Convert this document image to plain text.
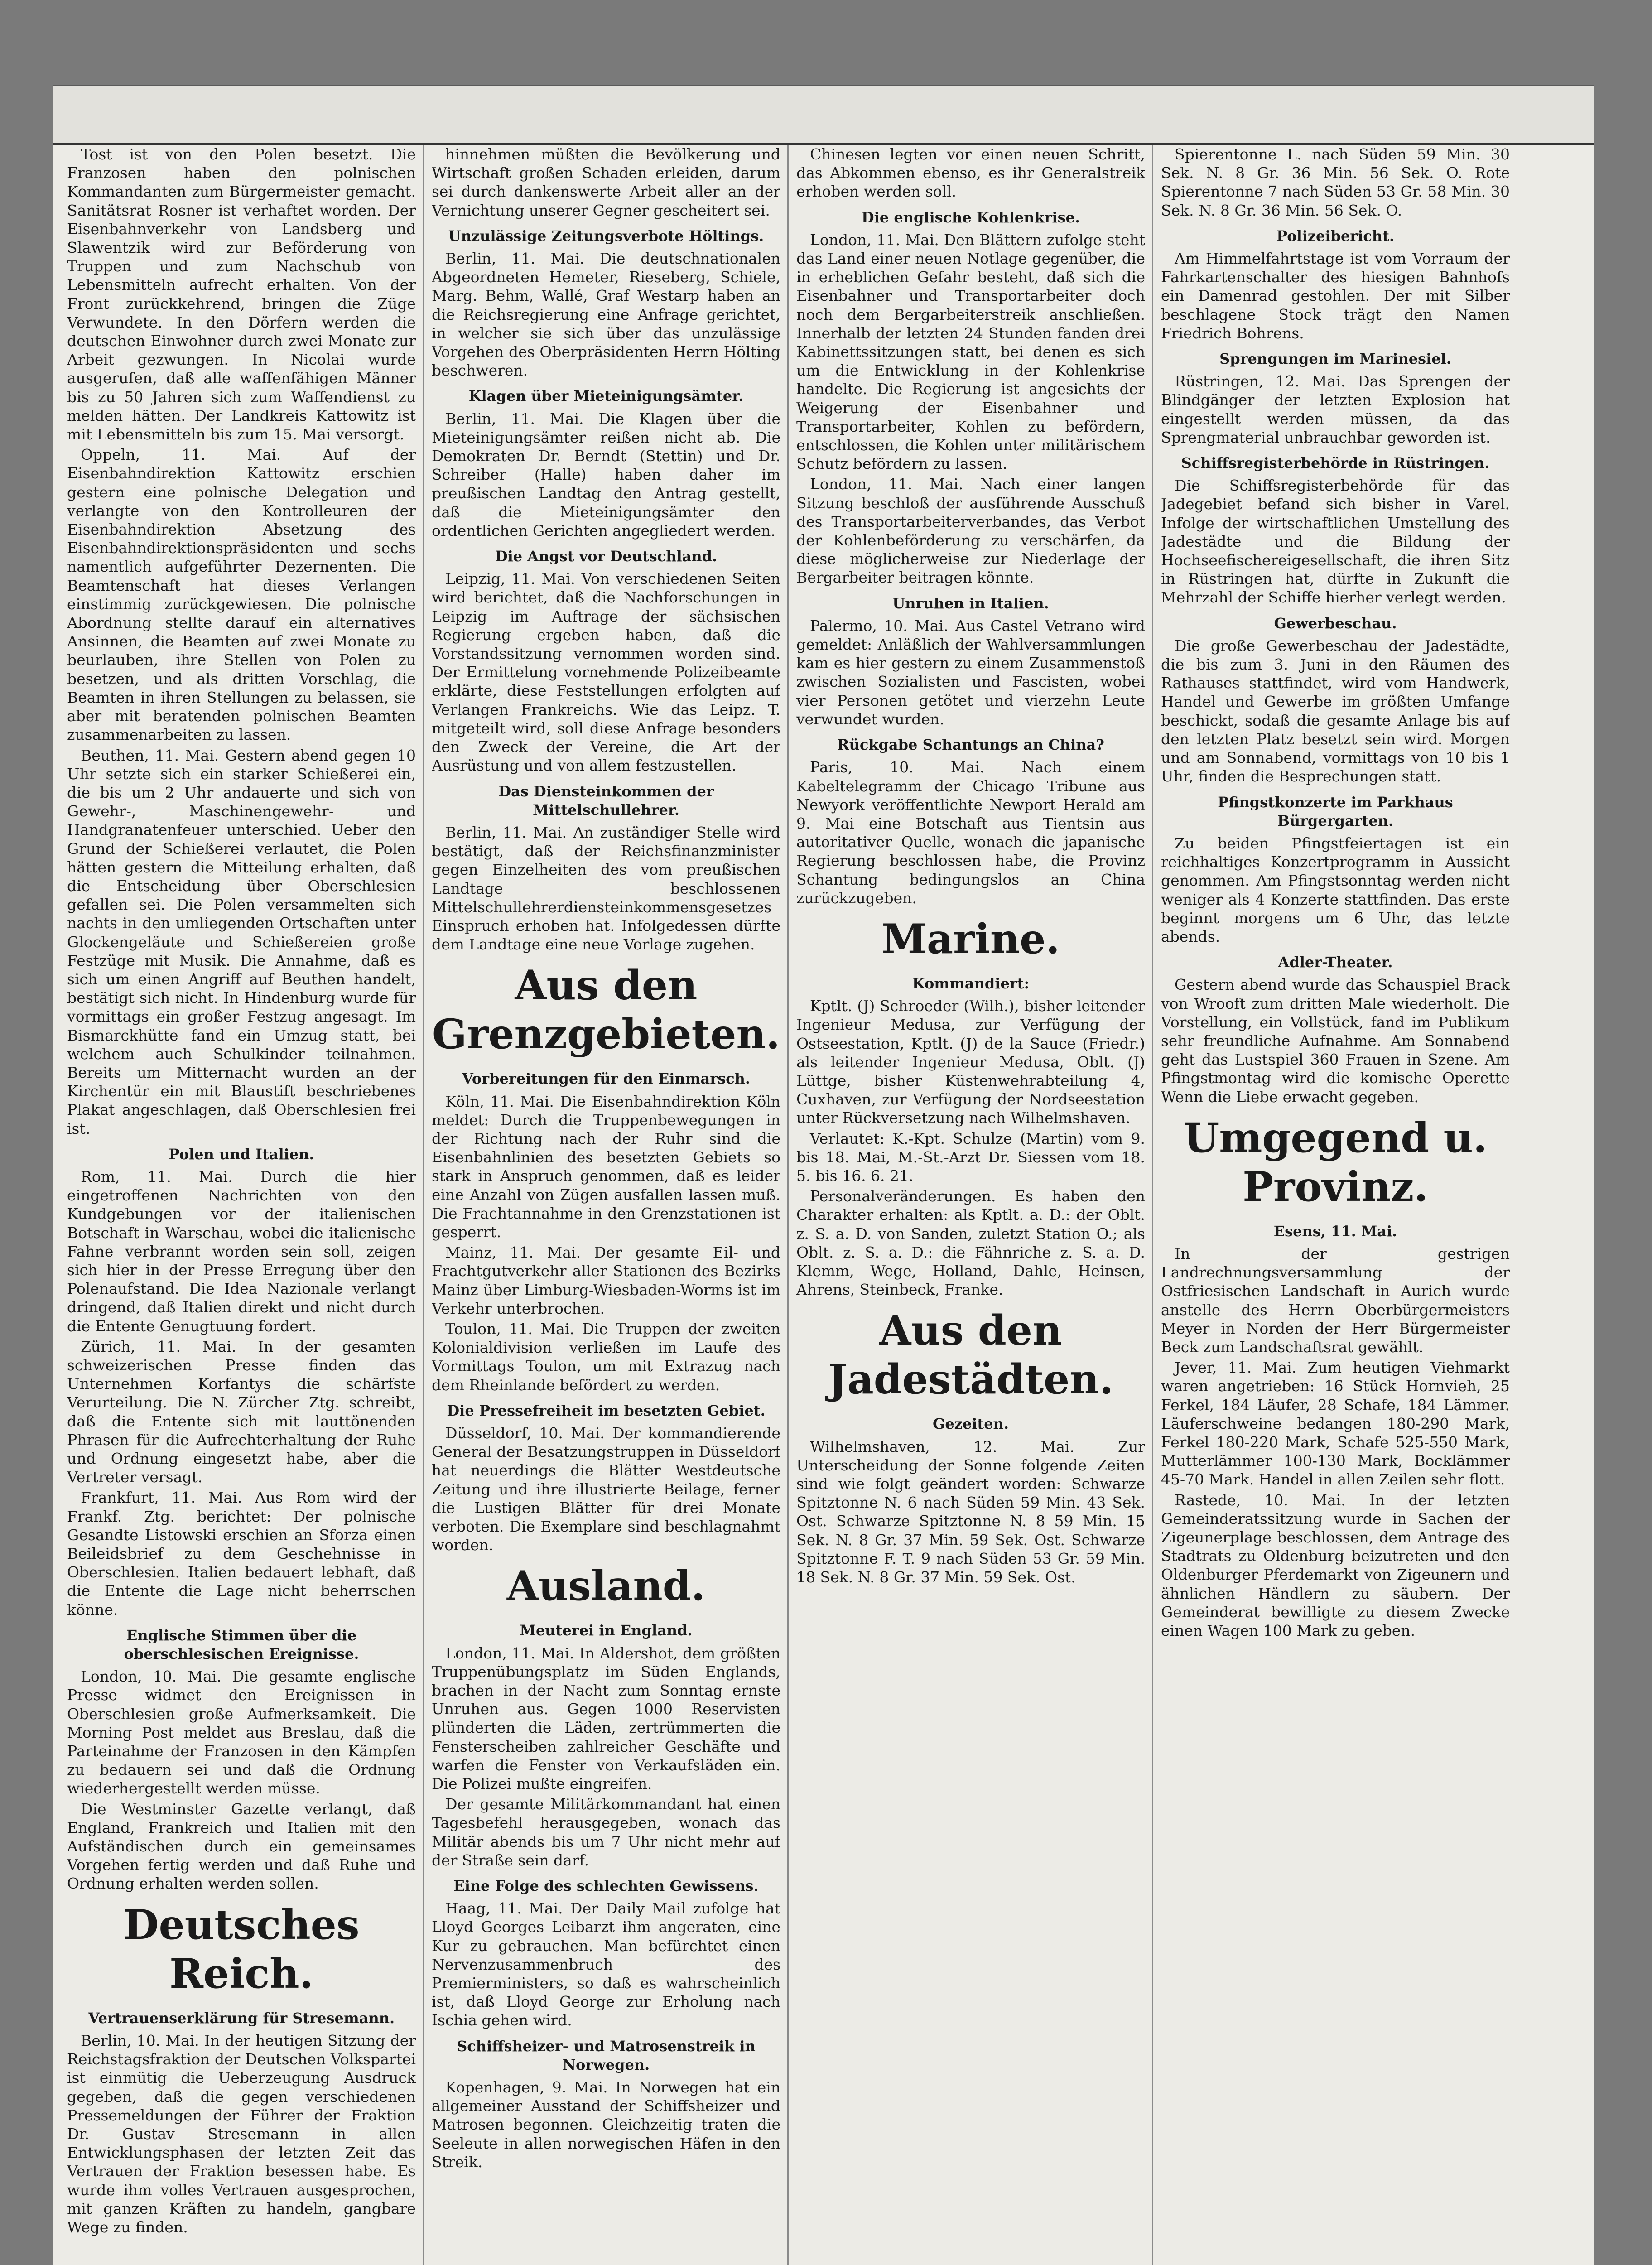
Tost ist von den Polen besetzt. Die Franzosen haben den polnischen Kommandanten zum Bürgermeister gemacht. Sanitätsrat Rosner ist verhaftet worden. Der Eisenbahnverkehr von Landsberg und Slawentzik wird zur Beförderung von Truppen und zum Nachschub von Lebensmitteln aufrecht erhalten. Von der Front zurückkehrend, bringen die Züge Verwundete. In den Dörfern werden die deutschen Einwohner durch zwei Monate zur Arbeit gezwungen. In Nicolai wurde ausgerufen, daß alle waffenfähigen Männer bis zu 50 Jahren sich zum Waffendienst zu melden hätten. Der Landkreis Kattowitz ist mit Lebensmitteln bis zum 15. Mai versorgt.

Oppeln, 11. Mai. Auf der Eisenbahndirektion Kattowitz erschien gestern eine polnische Delegation und verlangte von den Kontrolleuren der Eisenbahndirektion Absetzung des Eisenbahndirektionspräsidenten und sechs namentlich aufgeführter Dezernenten. Die Beamtenschaft hat dieses Verlangen einstimmig zurückgewiesen. Die polnische Abordnung stellte darauf ein alternatives Ansinnen, die Beamten auf zwei Monate zu beurlauben, ihre Stellen von Polen zu besetzen, und als dritten Vorschlag, die Beamten in ihren Stellungen zu belassen, sie aber mit beratenden polnischen Beamten zusammenarbeiten zu lassen.

Beuthen, 11. Mai. Gestern abend gegen 10 Uhr setzte sich ein starker Schießerei ein, die bis um 2 Uhr andauerte und sich von Gewehr-, Maschinengewehr- und Handgranatenfeuer unterschied. Ueber den Grund der Schießerei verlautet, die Polen hätten gestern die Mitteilung erhalten, daß die Entscheidung über Oberschlesien gefallen sei. Die Polen versammelten sich nachts in den umliegenden Ortschaften unter Glockengeläute und Schießereien große Festzüge mit Musik. Die Annahme, daß es sich um einen Angriff auf Beuthen handelt, bestätigt sich nicht. In Hindenburg wurde für vormittags ein großer Festzug angesagt. Im Bismarckhütte fand ein Umzug statt, bei welchem auch Schulkinder teilnahmen. Bereits um Mitternacht wurden an der Kirchentür ein mit Blaustift beschriebenes Plakat angeschlagen, daß Oberschlesien frei ist.

Polen und Italien.

Rom, 11. Mai. Durch die hier eingetroffenen Nachrichten von den Kundgebungen vor der italienischen Botschaft in Warschau, wobei die italienische Fahne verbrannt worden sein soll, zeigen sich hier in der Presse Erregung über den Polenaufstand. Die Idea Nazionale verlangt dringend, daß Italien direkt und nicht durch die Entente Genugtuung fordert.

Zürich, 11. Mai. In der gesamten schweizerischen Presse finden das Unternehmen Korfantys die schärfste Verurteilung. Die N. Zürcher Ztg. schreibt, daß die Entente sich mit lauttönenden Phrasen für die Aufrechterhaltung der Ruhe und Ordnung eingesetzt habe, aber die Vertreter versagt.

Frankfurt, 11. Mai. Aus Rom wird der Frankf. Ztg. berichtet: Der polnische Gesandte Listowski erschien an Sforza einen Beileidsbrief zu dem Geschehnisse in Oberschlesien. Italien bedauert lebhaft, daß die Entente die Lage nicht beherrschen könne.

Englische Stimmen über die oberschlesischen Ereignisse.

London, 10. Mai. Die gesamte englische Presse widmet den Ereignissen in Oberschlesien große Aufmerksamkeit. Die Morning Post meldet aus Breslau, daß die Parteinahme der Franzosen in den Kämpfen zu bedauern sei und daß die Ordnung wiederhergestellt werden müsse.

Die Westminster Gazette verlangt, daß England, Frankreich und Italien mit den Aufständischen durch ein gemeinsames Vorgehen fertig werden und daß Ruhe und Ordnung erhalten werden sollen.

Deutsches Reich.
Vertrauenserklärung für Stresemann.

Berlin, 10. Mai. In der heutigen Sitzung der Reichstagsfraktion der Deutschen Volkspartei ist einmütig die Ueberzeugung Ausdruck gegeben, daß die gegen verschiedenen Pressemeldungen der Führer der Fraktion Dr. Gustav Stresemann in allen Entwicklungsphasen der letzten Zeit das Vertrauen der Fraktion besessen habe. Es wurde ihm volles Vertrauen ausgesprochen, mit ganzen Kräften zu handeln, gangbare Wege zu finden.

hinnehmen müßten die Bevölkerung und Wirtschaft großen Schaden erleiden, darum sei durch dankenswerte Arbeit aller an der Vernichtung unserer Gegner gescheitert sei.

Unzulässige Zeitungsverbote Höltings.

Berlin, 11. Mai. Die deutschnationalen Abgeordneten Hemeter, Rieseberg, Schiele, Marg. Behm, Wallé, Graf Westarp haben an die Reichsregierung eine Anfrage gerichtet, in welcher sie sich über das unzulässige Vorgehen des Oberpräsidenten Herrn Hölting beschweren.

Klagen über Mieteinigungsämter.

Berlin, 11. Mai. Die Klagen über die Mieteinigungsämter reißen nicht ab. Die Demokraten Dr. Berndt (Stettin) und Dr. Schreiber (Halle) haben daher im preußischen Landtag den Antrag gestellt, daß die Mieteinigungsämter den ordentlichen Gerichten angegliedert werden.

Die Angst vor Deutschland.

Leipzig, 11. Mai. Von verschiedenen Seiten wird berichtet, daß die Nachforschungen in Leipzig im Auftrage der sächsischen Regierung ergeben haben, daß die Vorstandssitzung vernommen worden sind. Der Ermittelung vornehmende Polizeibeamte erklärte, diese Feststellungen erfolgten auf Verlangen Frankreichs. Wie das Leipz. T. mitgeteilt wird, soll diese Anfrage besonders den Zweck der Vereine, die Art der Ausrüstung und von allem festzustellen.

Das Diensteinkommen der Mittelschullehrer.

Berlin, 11. Mai. An zuständiger Stelle wird bestätigt, daß der Reichsfinanzminister gegen Einzelheiten des vom preußischen Landtage beschlossenen Mittelschullehrerdiensteinkommensgesetzes Einspruch erhoben hat. Infolgedessen dürfte dem Landtage eine neue Vorlage zugehen.

Aus den Grenzgebieten.
Vorbereitungen für den Einmarsch.

Köln, 11. Mai. Die Eisenbahndirektion Köln meldet: Durch die Truppenbewegungen in der Richtung nach der Ruhr sind die Eisenbahnlinien des besetzten Gebiets so stark in Anspruch genommen, daß es leider eine Anzahl von Zügen ausfallen lassen muß. Die Frachtannahme in den Grenzstationen ist gesperrt.

Mainz, 11. Mai. Der gesamte Eil- und Frachtgutverkehr aller Stationen des Bezirks Mainz über Limburg-Wiesbaden-Worms ist im Verkehr unterbrochen.

Toulon, 11. Mai. Die Truppen der zweiten Kolonialdivision verließen im Laufe des Vormittags Toulon, um mit Extrazug nach dem Rheinlande befördert zu werden.

Die Pressefreiheit im besetzten Gebiet.

Düsseldorf, 10. Mai. Der kommandierende General der Besatzungstruppen in Düsseldorf hat neuerdings die Blätter Westdeutsche Zeitung und ihre illustrierte Beilage, ferner die Lustigen Blätter für drei Monate verboten. Die Exemplare sind beschlagnahmt worden.

Ausland.
Meuterei in England.

London, 11. Mai. In Aldershot, dem größten Truppenübungsplatz im Süden Englands, brachen in der Nacht zum Sonntag ernste Unruhen aus. Gegen 1000 Reservisten plünderten die Läden, zertrümmerten die Fensterscheiben zahlreicher Geschäfte und warfen die Fenster von Verkaufsläden ein. Die Polizei mußte eingreifen.

Der gesamte Militärkommandant hat einen Tagesbefehl herausgegeben, wonach das Militär abends bis um 7 Uhr nicht mehr auf der Straße sein darf.

Eine Folge des schlechten Gewissens.

Haag, 11. Mai. Der Daily Mail zufolge hat Lloyd Georges Leibarzt ihm angeraten, eine Kur zu gebrauchen. Man befürchtet einen Nervenzusammenbruch des Premierministers, so daß es wahrscheinlich ist, daß Lloyd George zur Erholung nach Ischia gehen wird.

Schiffsheizer- und Matrosenstreik in Norwegen.

Kopenhagen, 9. Mai. In Norwegen hat ein allgemeiner Ausstand der Schiffsheizer und Matrosen begonnen. Gleichzeitig traten die Seeleute in allen norwegischen Häfen in den Streik.

Chinesen legten vor einen neuen Schritt, das Abkommen ebenso, es ihr Generalstreik erhoben werden soll.

Die englische Kohlenkrise.

London, 11. Mai. Den Blättern zufolge steht das Land einer neuen Notlage gegenüber, die in erheblichen Gefahr besteht, daß sich die Eisenbahner und Transportarbeiter doch noch dem Bergarbeiterstreik anschließen. Innerhalb der letzten 24 Stunden fanden drei Kabinettssitzungen statt, bei denen es sich um die Entwicklung in der Kohlenkrise handelte. Die Regierung ist angesichts der Weigerung der Eisenbahner und Transportarbeiter, Kohlen zu befördern, entschlossen, die Kohlen unter militärischem Schutz befördern zu lassen.

London, 11. Mai. Nach einer langen Sitzung beschloß der ausführende Ausschuß des Transportarbeiterverbandes, das Verbot der Kohlenbeförderung zu verschärfen, da diese möglicherweise zur Niederlage der Bergarbeiter beitragen könnte.

Unruhen in Italien.

Palermo, 10. Mai. Aus Castel Vetrano wird gemeldet: Anläßlich der Wahlversammlungen kam es hier gestern zu einem Zusammenstoß zwischen Sozialisten und Fascisten, wobei vier Personen getötet und vierzehn Leute verwundet wurden.

Rückgabe Schantungs an China?

Paris, 10. Mai. Nach einem Kabeltelegramm der Chicago Tribune aus Newyork veröffentlichte Newport Herald am 9. Mai eine Botschaft aus Tientsin aus autoritativer Quelle, wonach die japanische Regierung beschlossen habe, die Provinz Schantung bedingungslos an China zurückzugeben.

Marine.
Kommandiert:

Kptlt. (J) Schroeder (Wilh.), bisher leitender Ingenieur Medusa, zur Verfügung der Ostseestation, Kptlt. (J) de la Sauce (Friedr.) als leitender Ingenieur Medusa, Oblt. (J) Lüttge, bisher Küstenwehrabteilung 4, Cuxhaven, zur Verfügung der Nordseestation unter Rückversetzung nach Wilhelmshaven.

Verlautet: K.-Kpt. Schulze (Martin) vom 9. bis 18. Mai, M.-St.-Arzt Dr. Siessen vom 18. 5. bis 16. 6. 21.

Personalveränderungen. Es haben den Charakter erhalten: als Kptlt. a. D.: der Oblt. z. S. a. D. von Sanden, zuletzt Station O.; als Oblt. z. S. a. D.: die Fähnriche z. S. a. D. Klemm, Wege, Holland, Dahle, Heinsen, Ahrens, Steinbeck, Franke.

Aus den Jadestädten.
Gezeiten.

Wilhelmshaven, 12. Mai. Zur Unterscheidung der Sonne folgende Zeiten sind wie folgt geändert worden: Schwarze Spitztonne N. 6 nach Süden 59 Min. 43 Sek. Ost. Schwarze Spitztonne N. 8 59 Min. 15 Sek. N. 8 Gr. 37 Min. 59 Sek. Ost. Schwarze Spitztonne F. T. 9 nach Süden 53 Gr. 59 Min. 18 Sek. N. 8 Gr. 37 Min. 59 Sek. Ost.

Spierentonne L. nach Süden 59 Min. 30 Sek. N. 8 Gr. 36 Min. 56 Sek. O. Rote Spierentonne 7 nach Süden 53 Gr. 58 Min. 30 Sek. N. 8 Gr. 36 Min. 56 Sek. O.

Polizeibericht.

Am Himmelfahrtstage ist vom Vorraum der Fahrkartenschalter des hiesigen Bahnhofs ein Damenrad gestohlen. Der mit Silber beschlagene Stock trägt den Namen Friedrich Bohrens.

Sprengungen im Marinesiel.

Rüstringen, 12. Mai. Das Sprengen der Blindgänger der letzten Explosion hat eingestellt werden müssen, da das Sprengmaterial unbrauchbar geworden ist.

Schiffsregisterbehörde in Rüstringen.

Die Schiffsregisterbehörde für das Jadegebiet befand sich bisher in Varel. Infolge der wirtschaftlichen Umstellung des Jadestädte und die Bildung der Hochseefischereigesellschaft, die ihren Sitz in Rüstringen hat, dürfte in Zukunft die Mehrzahl der Schiffe hierher verlegt werden.

Gewerbeschau.

Die große Gewerbeschau der Jadestädte, die bis zum 3. Juni in den Räumen des Rathauses stattfindet, wird vom Handwerk, Handel und Gewerbe im größten Umfange beschickt, sodaß die gesamte Anlage bis auf den letzten Platz besetzt sein wird. Morgen und am Sonnabend, vormittags von 10 bis 1 Uhr, finden die Besprechungen statt.

Pfingstkonzerte im Parkhaus Bürgergarten.

Zu beiden Pfingstfeiertagen ist ein reichhaltiges Konzertprogramm in Aussicht genommen. Am Pfingstsonntag werden nicht weniger als 4 Konzerte stattfinden. Das erste beginnt morgens um 6 Uhr, das letzte abends.

Adler-Theater.

Gestern abend wurde das Schauspiel Brack von Wrooft zum dritten Male wiederholt. Die Vorstellung, ein Vollstück, fand im Publikum sehr freundliche Aufnahme. Am Sonnabend geht das Lustspiel 360 Frauen in Szene. Am Pfingstmontag wird die komische Operette Wenn die Liebe erwacht gegeben.

Umgegend u. Provinz.
Esens, 11. Mai.

In der gestrigen Landrechnungsversammlung der Ostfriesischen Landschaft in Aurich wurde anstelle des Herrn Oberbürgermeisters Meyer in Norden der Herr Bürgermeister Beck zum Landschaftsrat gewählt.

Jever, 11. Mai. Zum heutigen Viehmarkt waren angetrieben: 16 Stück Hornvieh, 25 Ferkel, 184 Läufer, 28 Schafe, 184 Lämmer. Läuferschweine bedangen 180-290 Mark, Ferkel 180-220 Mark, Schafe 525-550 Mark, Mutterlämmer 100-130 Mark, Bocklämmer 45-70 Mark. Handel in allen Zeilen sehr flott.

Rastede, 10. Mai. In der letzten Gemeinderatssitzung wurde in Sachen der Zigeunerplage beschlossen, dem Antrage des Stadtrats zu Oldenburg beizutreten und den Oldenburger Pferdemarkt von Zigeunern und ähnlichen Händlern zu säubern. Der Gemeinderat bewilligte zu diesem Zwecke einen Wagen 100 Mark zu geben.
